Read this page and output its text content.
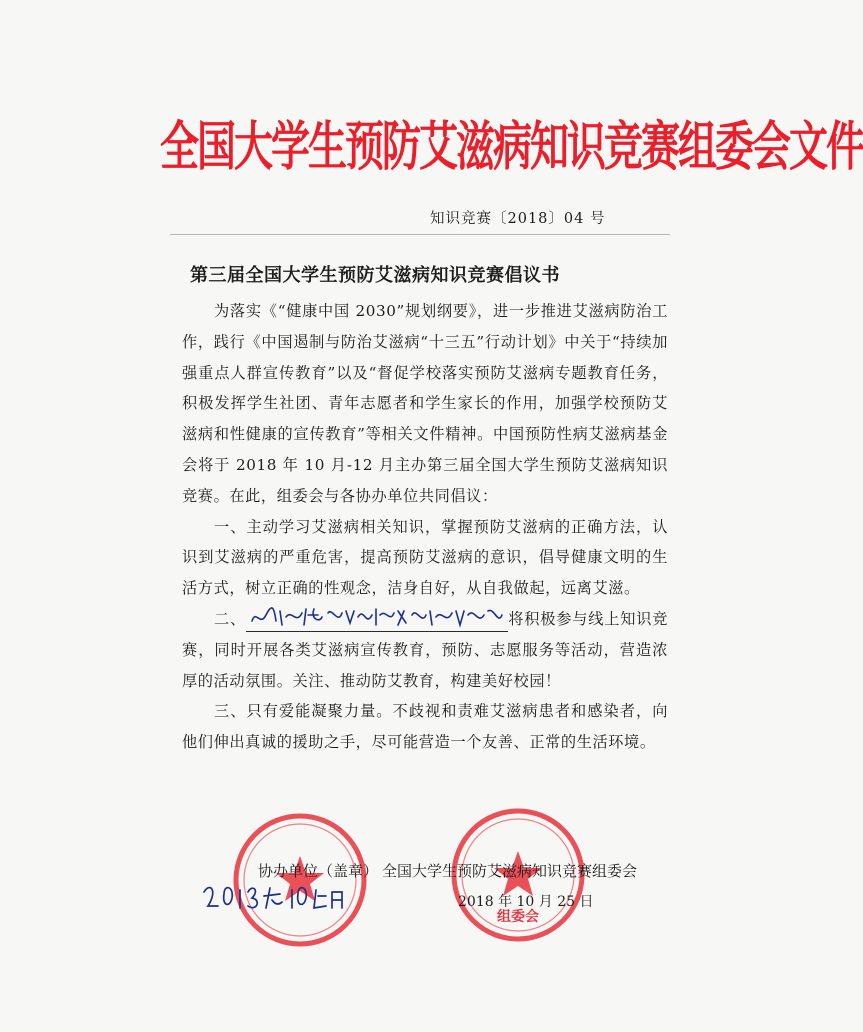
全国大学生预防艾滋病知识竞赛组委会文件
知识竞赛〔2018〕04 号
第三届全国大学生预防艾滋病知识竞赛倡议书

为落实《“健康中国 2030”规划纲要》，进一步推进艾滋病防治工作，践行《中国遏制与防治艾滋病“十三五”行动计划》中关于“持续加强重点人群宣传教育”以及“督促学校落实预防艾滋病专题教育任务，积极发挥学生社团、青年志愿者和学生家长的作用，加强学校预防艾滋病和性健康的宣传教育”等相关文件精神。中国预防性病艾滋病基金会将于 2018 年 10 月-12 月主办第三届全国大学生预防艾滋病知识竞赛。在此，组委会与各协办单位共同倡议：

一、主动学习艾滋病相关知识，掌握预防艾滋病的正确方法，认识到艾滋病的严重危害，提高预防艾滋病的意识，倡导健康文明的生活方式，树立正确的性观念，洁身自好，从自我做起，远离艾滋。

二、	将积极参与线上知识竞赛，同时开展各类艾滋病宣传教育，预防、志愿服务等活动，营造浓厚的活动氛围。关注、推动防艾教育，构建美好校园！

三、只有爱能凝聚力量。不歧视和责难艾滋病患者和感染者，向他们伸出真诚的援助之手，尽可能营造一个友善、正常的生活环境。

组委会
协办单位（盖章） 全国大学生预防艾滋病知识竞赛组委会
2018 年 10 月 25 日
